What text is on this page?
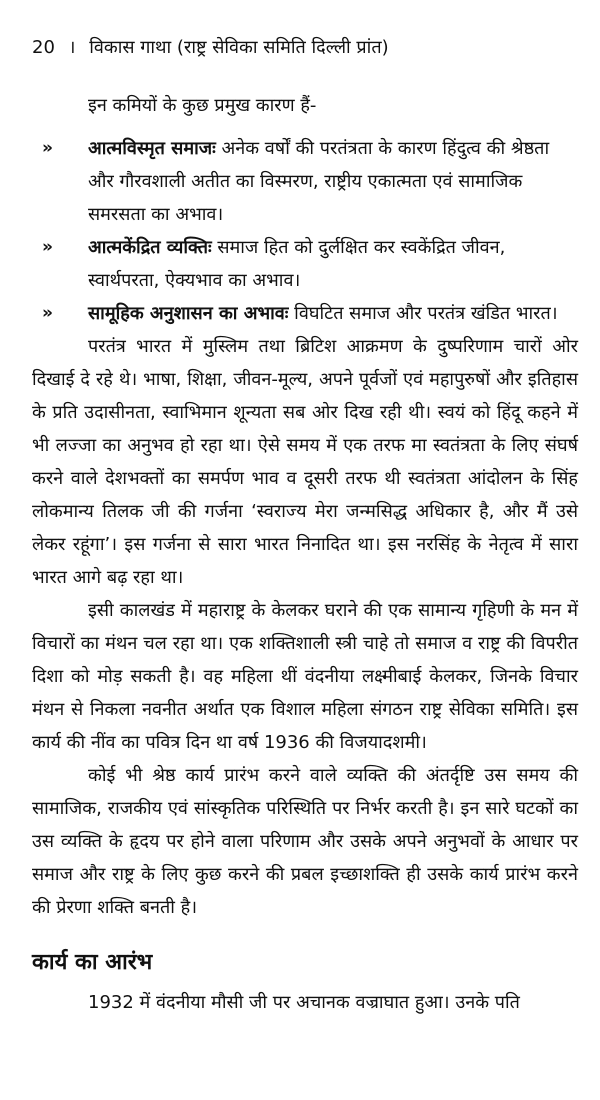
20 । विकास गाथा (राष्ट्र सेविका समिति दिल्ली प्रांत)
इन कमियों के कुछ प्रमुख कारण हैं-
»	आत्मविस्मृत समाजः अनेक वर्षों की परतंत्रता के कारण हिंदुत्व की श्रेष्ठता और गौरवशाली अतीत का विस्मरण, राष्ट्रीय एकात्मता एवं सामाजिक समरसता का अभाव।
»	आत्मकेंद्रित व्यक्तिः समाज हित को दुर्लक्षित कर स्वकेंद्रित जीवन, स्वार्थपरता, ऐक्यभाव का अभाव।
»	सामूहिक अनुशासन का अभावः विघटित समाज और परतंत्र खंडित भारत।

परतंत्र भारत में मुस्लिम तथा ब्रिटिश आक्रमण के दुष्परिणाम चारों ओर दिखाई दे रहे थे। भाषा, शिक्षा, जीवन-मूल्य, अपने पूर्वजों एवं महापुरुषों और इतिहास के प्रति उदासीनता, स्वाभिमान शून्यता सब ओर दिख रही थी। स्वयं को हिंदू कहने में भी लज्जा का अनुभव हो रहा था। ऐसे समय में एक तरफ मा स्वतंत्रता के लिए संघर्ष करने वाले देशभक्तों का समर्पण भाव व दूसरी तरफ थी स्वतंत्रता आंदोलन के सिंह लोकमान्य तिलक जी की गर्जना ‘स्वराज्य मेरा जन्मसिद्ध अधिकार है, और मैं उसे लेकर रहूंगा’। इस गर्जना से सारा भारत निनादित था। इस नरसिंह के नेतृत्व में सारा भारत आगे बढ़ रहा था।

इसी कालखंड में महाराष्ट्र के केलकर घराने की एक सामान्य गृहिणी के मन में विचारों का मंथन चल रहा था। एक शक्तिशाली स्त्री चाहे तो समाज व राष्ट्र की विपरीत दिशा को मोड़ सकती है। वह महिला थीं वंदनीया लक्ष्मीबाई केलकर, जिनके विचार मंथन से निकला नवनीत अर्थात एक विशाल महिला संगठन राष्ट्र सेविका समिति। इस कार्य की नींव का पवित्र दिन था वर्ष 1936 की विजयादशमी।

कोई भी श्रेष्ठ कार्य प्रारंभ करने वाले व्यक्ति की अंतर्दृष्टि उस समय की सामाजिक, राजकीय एवं सांस्कृतिक परिस्थिति पर निर्भर करती है। इन सारे घटकों का उस व्यक्ति के हृदय पर होने वाला परिणाम और उसके अपने अनुभवों के आधार पर समाज और राष्ट्र के लिए कुछ करने की प्रबल इच्छाशक्ति ही उसके कार्य प्रारंभ करने की प्रेरणा शक्ति बनती है।

कार्य का आरंभ

1932 में वंदनीया मौसी जी पर अचानक वज्राघात हुआ। उनके पति
